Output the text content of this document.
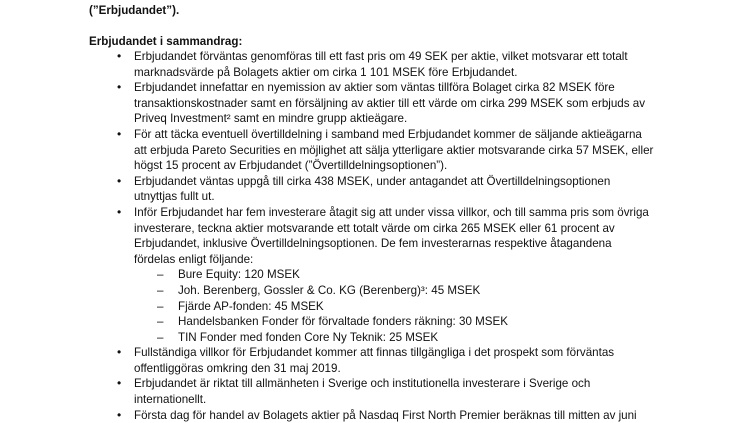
(”Erbjudandet”).
Erbjudandet i sammandrag:
• Erbjudandet förväntas genomföras till ett fast pris om 49 SEK per aktie, vilket motsvarar ett totalt marknadsvärde på Bolagets aktier om cirka 1 101 MSEK före Erbjudandet.
• Erbjudandet innefattar en nyemission av aktier som väntas tillföra Bolaget cirka 82 MSEK före transaktionskostnader samt en försäljning av aktier till ett värde om cirka 299 MSEK som erbjuds av Priveq Investment² samt en mindre grupp aktieägare.
• För att täcka eventuell övertilldelning i samband med Erbjudandet kommer de säljande aktieägarna att erbjuda Pareto Securities en möjlighet att sälja ytterligare aktier motsvarande cirka 57 MSEK, eller högst 15 procent av Erbjudandet (”Övertilldelningsoptionen”).
• Erbjudandet väntas uppgå till cirka 438 MSEK, under antagandet att Övertilldelningsoptionen utnyttjas fullt ut.
• Inför Erbjudandet har fem investerare åtagit sig att under vissa villkor, och till samma pris som övriga investerare, teckna aktier motsvarande ett totalt värde om cirka 265 MSEK eller 61 procent av Erbjudandet, inklusive Övertilldelningsoptionen. De fem investerarnas respektive åtagandena fördelas enligt följande:
– Bure Equity: 120 MSEK
– Joh. Berenberg, Gossler & Co. KG (Berenberg)³: 45 MSEK
– Fjärde AP-fonden: 45 MSEK
– Handelsbanken Fonder för förvaltade fonders räkning: 30 MSEK
– TIN Fonder med fonden Core Ny Teknik: 25 MSEK
• Fullständiga villkor för Erbjudandet kommer att finnas tillgängliga i det prospekt som förväntas offentliggöras omkring den 31 maj 2019.
• Erbjudandet är riktat till allmänheten i Sverige och institutionella investerare i Sverige och internationellt.
• Första dag för handel av Bolagets aktier på Nasdaq First North Premier beräknas till mitten av juni
